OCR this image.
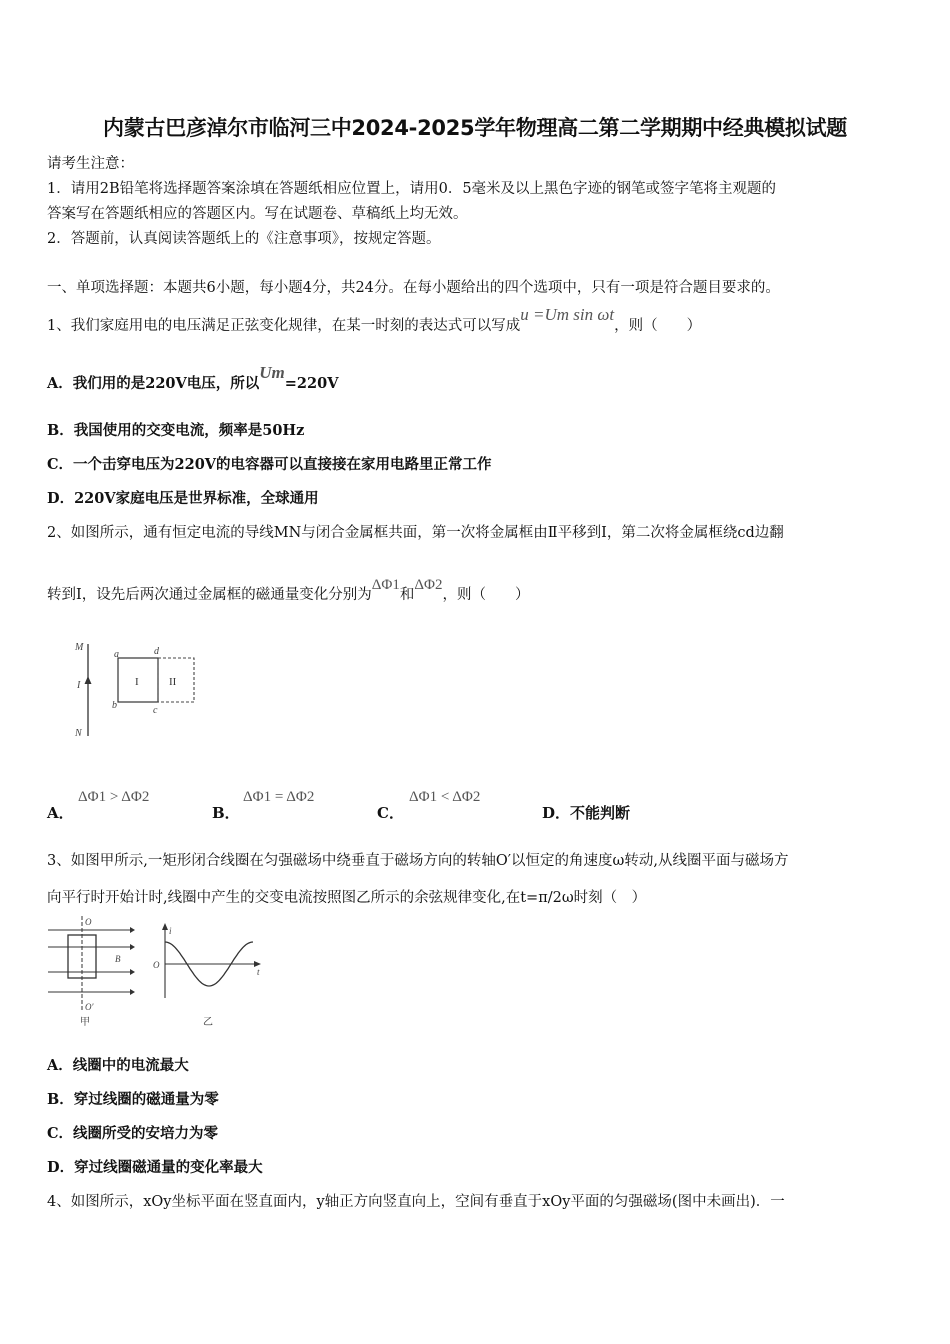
内蒙古巴彦淖尔市临河三中2024-2025学年物理高二第二学期期中经典模拟试题
请考生注意：
1．请用2B铅笔将选择题答案涂填在答题纸相应位置上，请用0．5毫米及以上黑色字迹的钢笔或签字笔将主观题的
答案写在答题纸相应的答题区内。写在试题卷、草稿纸上均无效。
2．答题前，认真阅读答题纸上的《注意事项》，按规定答题。
一、单项选择题：本题共6小题，每小题4分，共24分。在每小题给出的四个选项中，只有一项是符合题目要求的。
1、我们家庭用电的电压满足正弦变化规律，在某一时刻的表达式可以写成u =Um sin ωt，则（　　）
A．我们用的是220V电压，所以Um=220V
B．我国使用的交变电流，频率是50Hz
C．一个击穿电压为220V的电容器可以直接接在家用电路里正常工作
D．220V家庭电压是世界标准，全球通用
2、如图所示，通有恒定电流的导线MN与闭合金属框共面，第一次将金属框由Ⅱ平移到Ⅰ，第二次将金属框绕cd边翻
转到Ⅰ，设先后两次通过金属框的磁通量变化分别为ΔΦ1和ΔΦ2，则（　　）
M
I
N
a	d
b	c
I	II
A．
ΔΦ1 > ΔΦ2
B．
ΔΦ1 = ΔΦ2
C．
ΔΦ1 < ΔΦ2
D．不能判断
3、如图甲所示,一矩形闭合线圈在匀强磁场中绕垂直于磁场方向的转轴O′以恒定的角速度ω转动,从线圈平面与磁场方
向平行时开始计时,线圈中产生的交变电流按照图乙所示的余弦规律变化,在t=π/2ω时刻（　）
O
O′
B
甲
i
O
t
乙
A．线圈中的电流最大
B．穿过线圈的磁通量为零
C．线圈所受的安培力为零
D．穿过线圈磁通量的变化率最大
4、如图所示，xOy坐标平面在竖直面内，y轴正方向竖直向上，空间有垂直于xOy平面的匀强磁场(图中未画出)．一
